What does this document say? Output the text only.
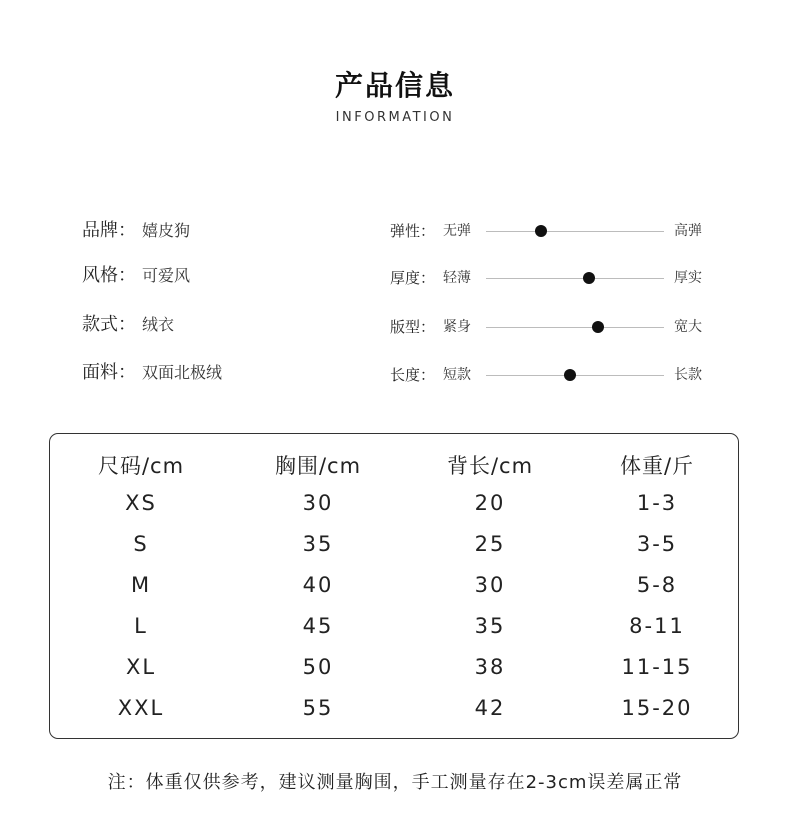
产品信息
INFORMATION
品牌： 嬉皮狗
风格： 可爱风
款式： 绒衣
面料： 双面北极绒
弹性： 无弹	高弹
厚度： 轻薄	厚实
版型： 紧身	宽大
长度： 短款	长款
尺码/cm	胸围/cm	背长/cm	体重/斤
XS	30	20	1-3
S	35	25	3-5
M	40	30	5-8
L	45	35	8-11
XL	50	38	11-15
XXL	55	42	15-20
注：体重仅供参考，建议测量胸围，手工测量存在2-3cm误差属正常
